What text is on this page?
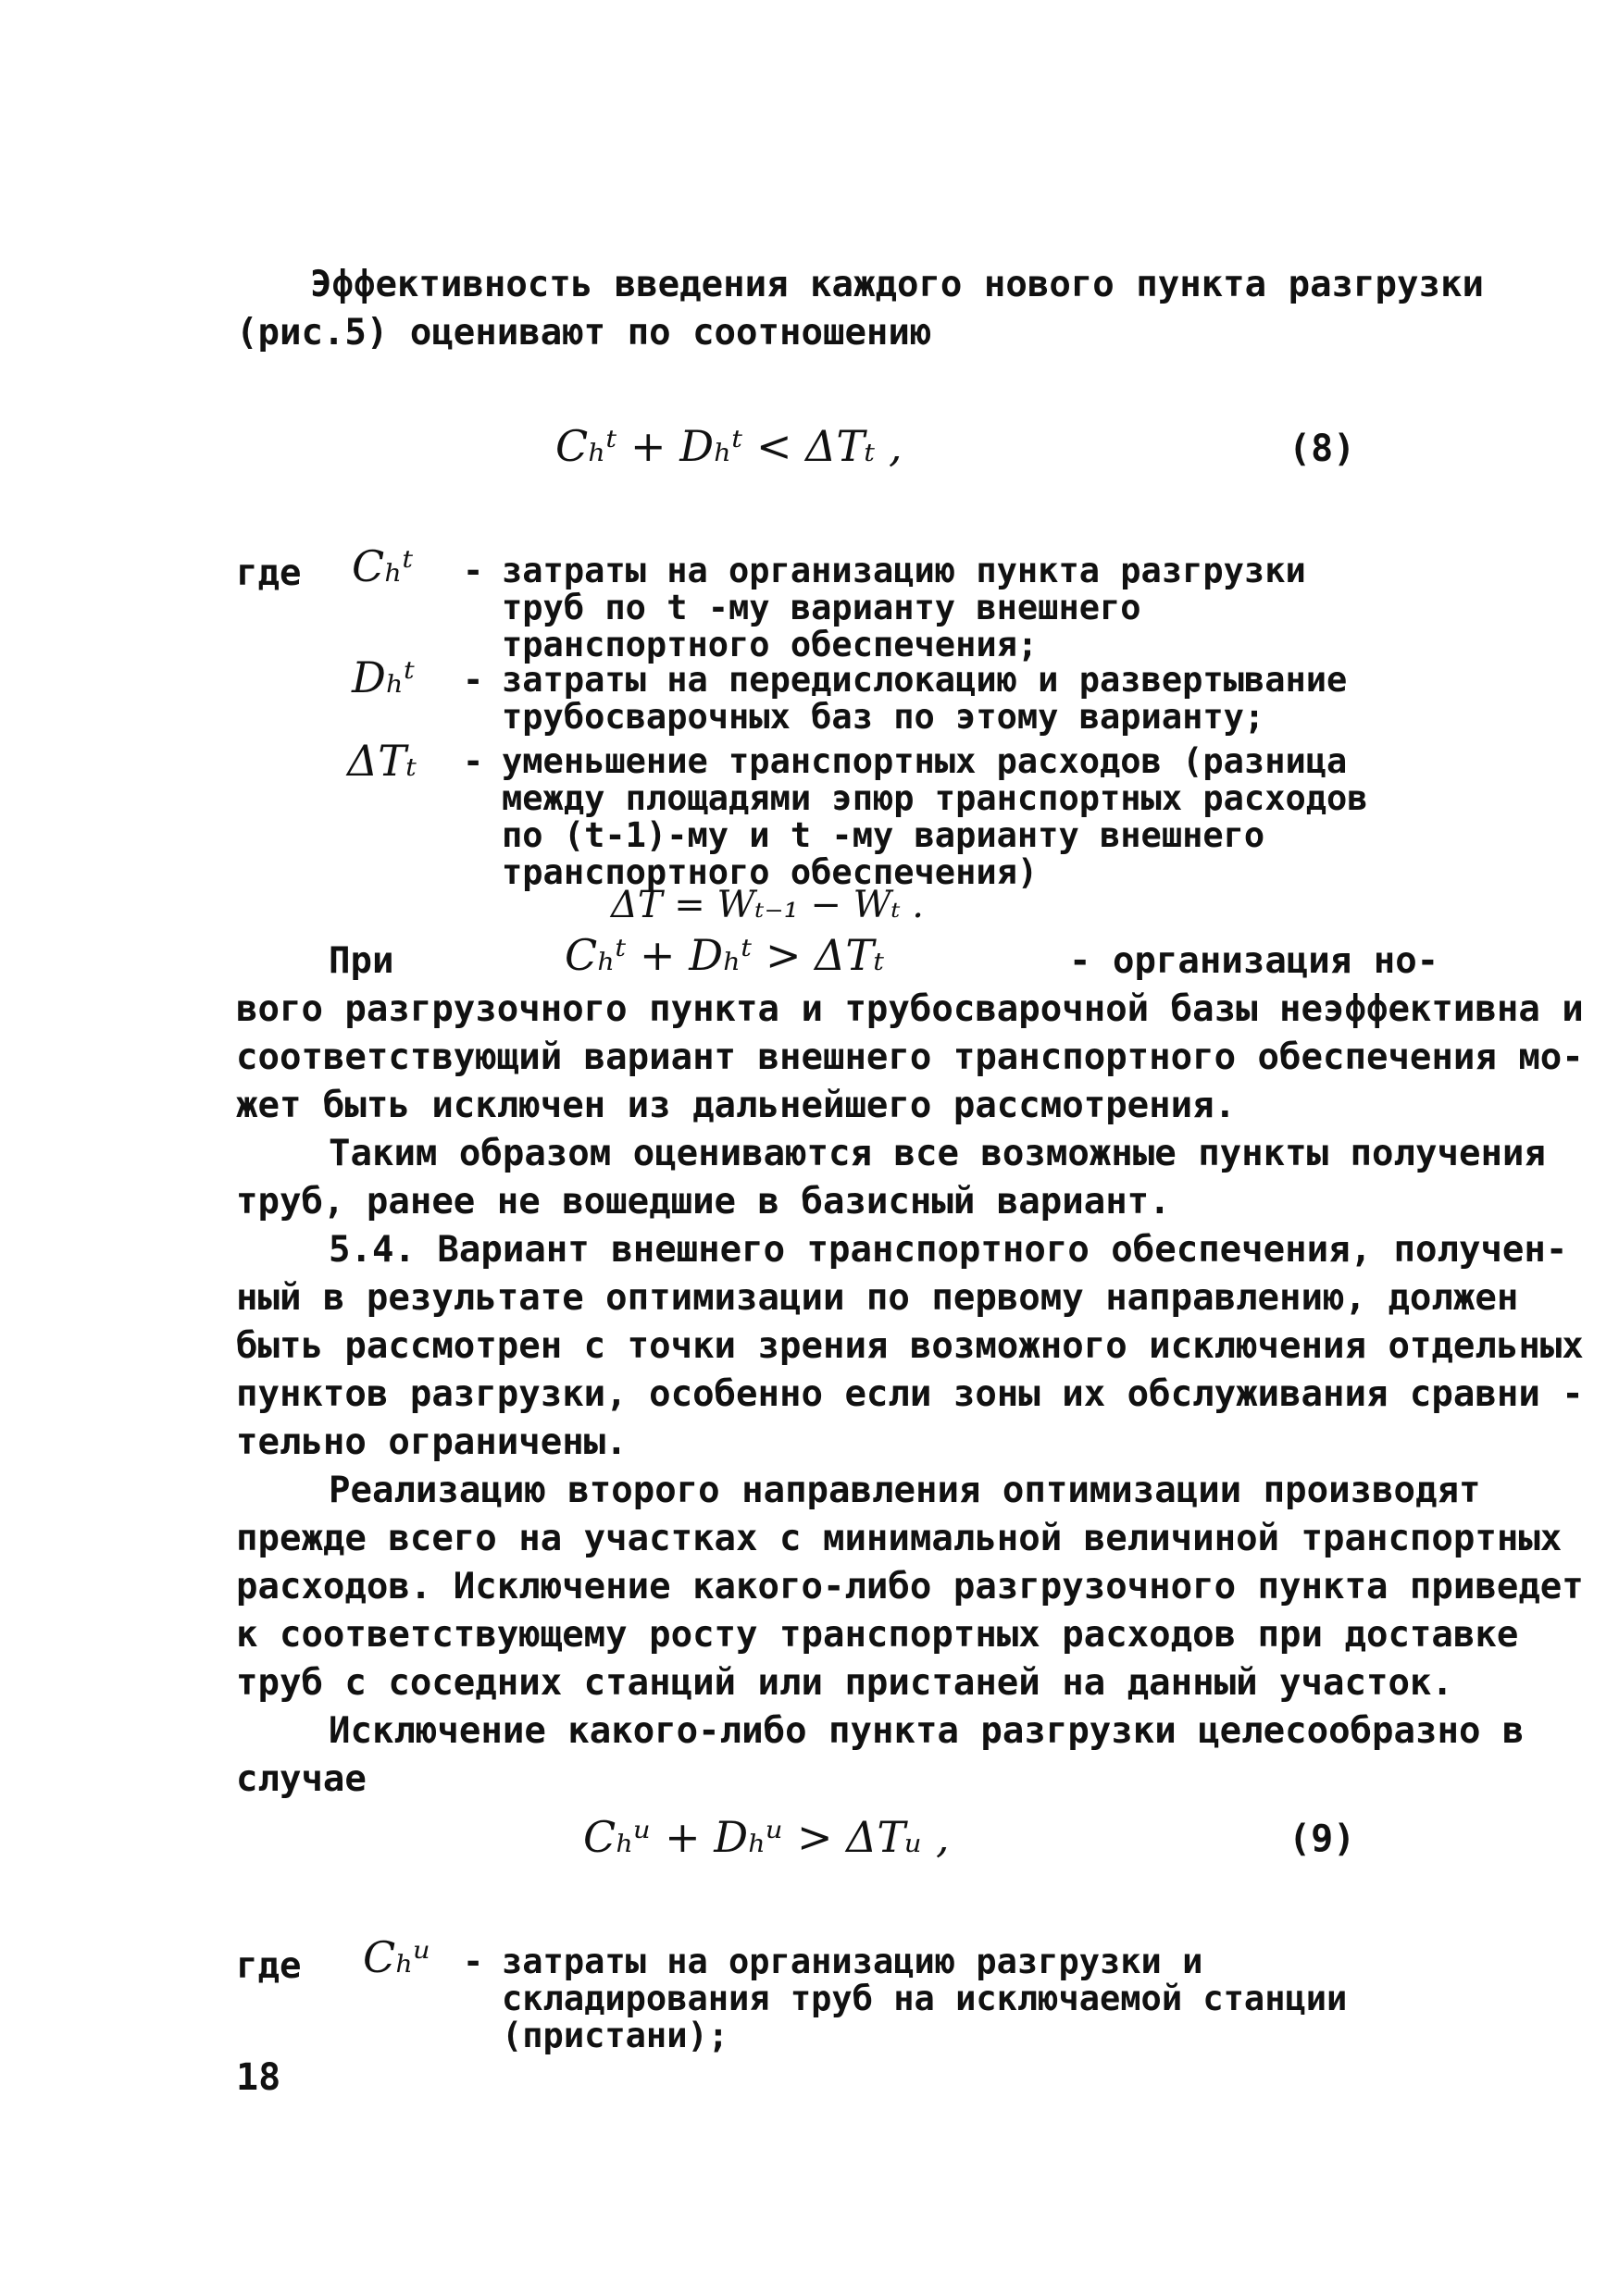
Эффективность введения каждого нового пункта разгрузки
(рис.5) оценивают по соотношению
Cₕᵗ + Dₕᵗ < ΔTₜ ,	(8)
где Cₕᵗ - затраты на организацию пункта разгрузки труб по t -му варианту внешнего транспортного обеспечения;
Dₕᵗ - затраты на передислокацию и развертывание трубосварочных баз по этому варианту;
ΔTₜ - уменьшение транспортных расходов (разница между площадями эпюр транспортных расходов по (t-1)-му и t -му варианту внешнего транспортного обеспечения)
ΔT = Wₜ₋₁ − Wₜ .
При	Cₕᵗ + Dₕᵗ > ΔTₜ	- организация но-
вого разгрузочного пункта и трубосварочной базы неэффективна и
соответствующий вариант внешнего транспортного обеспечения мо-
жет быть исключен из дальнейшего рассмотрения.
Таким образом оцениваются все возможные пункты получения
труб, ранее не вошедшие в базисный вариант.
5.4. Вариант внешнего транспортного обеспечения, получен-
ный в результате оптимизации по первому направлению, должен
быть рассмотрен с точки зрения возможного исключения отдельных
пунктов разгрузки, особенно если зоны их обслуживания сравни -
тельно ограничены.
Реализацию второго направления оптимизации производят
прежде всего на участках с минимальной величиной транспортных
расходов. Исключение какого-либо разгрузочного пункта приведет
к соответствующему росту транспортных расходов при доставке
труб с соседних станций или пристаней на данный участок.
Исключение какого-либо пункта разгрузки целесообразно в
случае
Cₕᵘ + Dₕᵘ > ΔTᵤ ,	(9)
где Cₕᵘ - затраты на организацию разгрузки и складирования труб на исключаемой станции (пристани);
18
